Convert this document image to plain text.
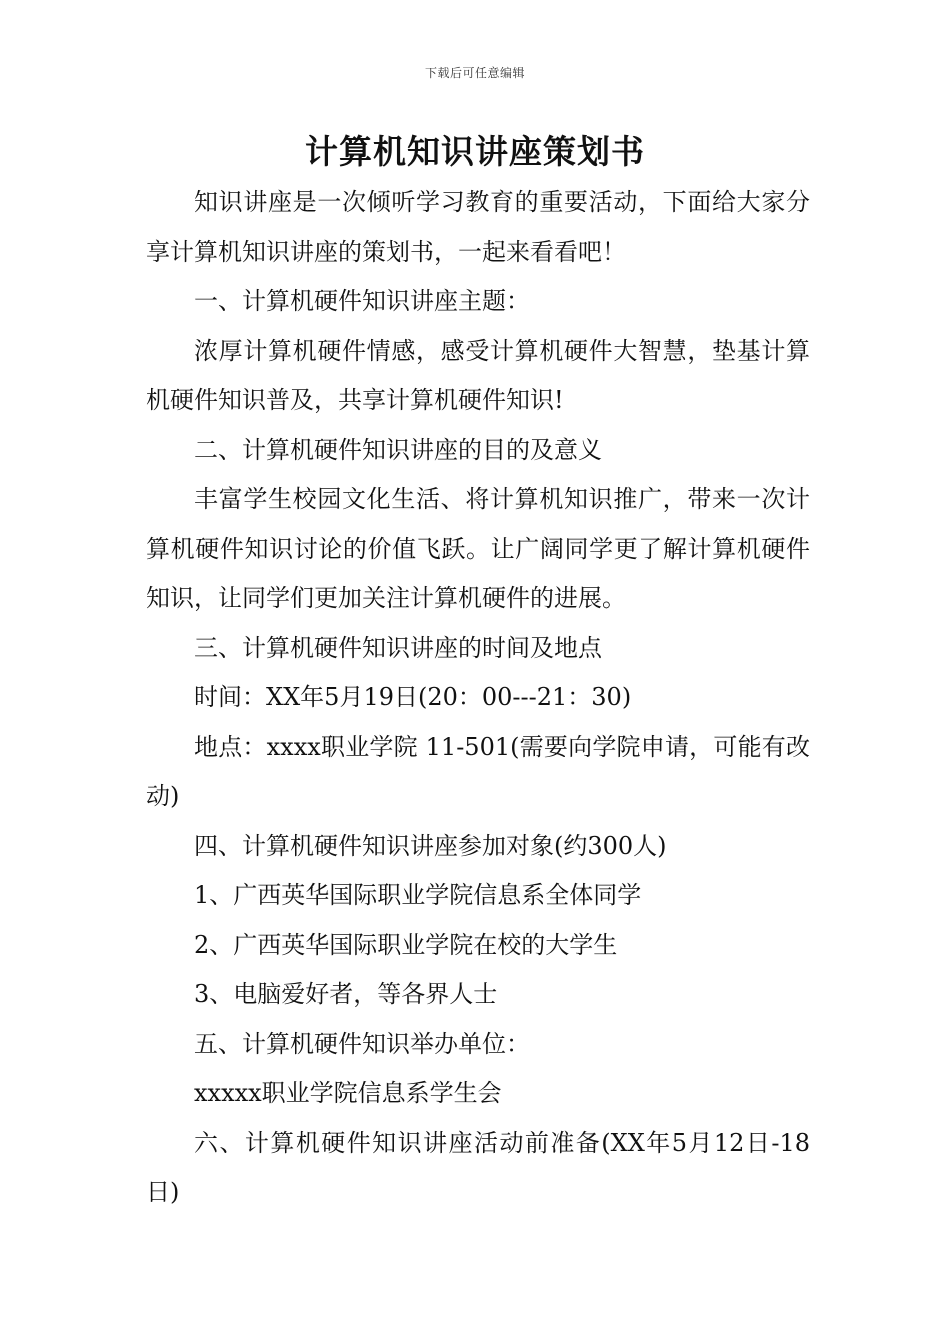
下载后可任意编辑
计算机知识讲座策划书

知识讲座是一次倾听学习教育的重要活动，下面给大家分享计算机知识讲座的策划书，一起来看看吧！

一、计算机硬件知识讲座主题：

浓厚计算机硬件情感，感受计算机硬件大智慧，垫基计算机硬件知识普及，共享计算机硬件知识!

二、计算机硬件知识讲座的目的及意义

丰富学生校园文化生活、将计算机知识推广，带来一次计算机硬件知识讨论的价值飞跃。让广阔同学更了解计算机硬件知识，让同学们更加关注计算机硬件的进展。

三、计算机硬件知识讲座的时间及地点

时间：XX年5月19日(20：00---21：30)

地点：xxxx职业学院 11-501(需要向学院申请，可能有改动)

四、计算机硬件知识讲座参加对象(约300人)

1、广西英华国际职业学院信息系全体同学

2、广西英华国际职业学院在校的大学生

3、电脑爱好者，等各界人士

五、计算机硬件知识举办单位：

xxxxx职业学院信息系学生会

六、计算机硬件知识讲座活动前准备(XX年5月12日-18日)
